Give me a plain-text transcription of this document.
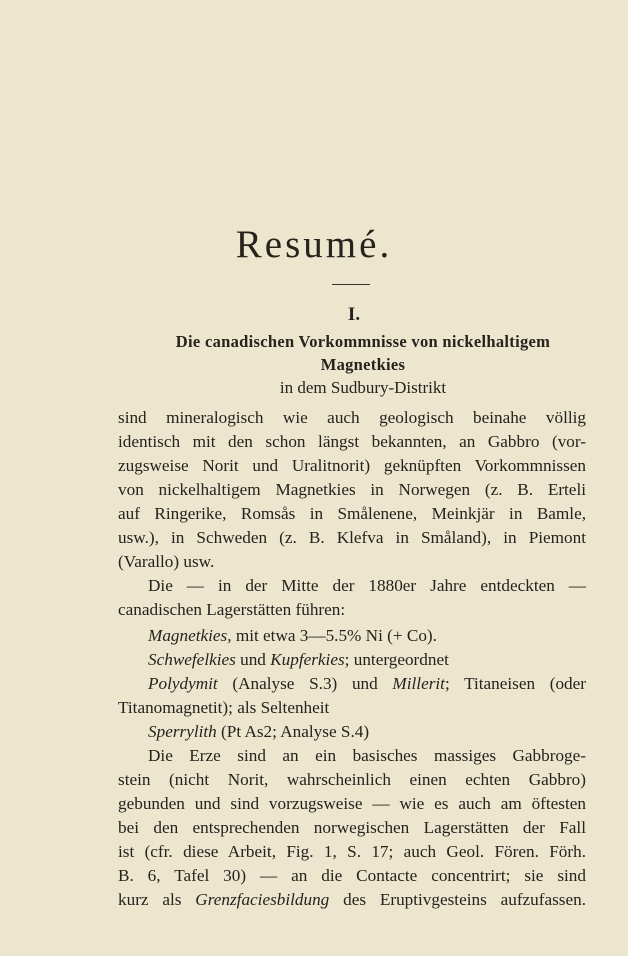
Resumé.
I.
Die canadischen Vorkommnisse von nickelhaltigem
Magnetkies
in dem Sudbury-Distrikt
sind mineralogisch wie auch geologisch beinahe völlig
identisch mit den schon längst bekannten, an Gabbro (vor-
zugsweise Norit und Uralitnorit) geknüpften Vorkommnissen
von nickelhaltigem Magnetkies in Norwegen (z. B. Erteli
auf Ringerike, Romsås in Smålenene, Meinkjär in Bamle,
usw.), in Schweden (z. B. Klefva in Småland), in Piemont
(Varallo) usw.
Die — in der Mitte der 1880er Jahre entdeckten —
canadischen Lagerstätten führen:
Magnetkies, mit etwa 3—5.5% Ni (+ Co).
Schwefelkies und Kupferkies; untergeordnet
Polydymit (Analyse S.3) und Millerit; Titaneisen (oder
Titanomagnetit); als Seltenheit
Sperrylith (Pt As2; Analyse S.4)
Die Erze sind an ein basisches massiges Gabbroge-
stein (nicht Norit, wahrscheinlich einen echten Gabbro)
gebunden und sind vorzugsweise — wie es auch am öftesten
bei den entsprechenden norwegischen Lagerstätten der Fall
ist (cfr. diese Arbeit, Fig. 1, S. 17; auch Geol. Fören. Förh.
B. 6, Tafel 30) — an die Contacte concentrirt; sie sind
kurz als Grenzfaciesbildung des Eruptivgesteins aufzufassen.
